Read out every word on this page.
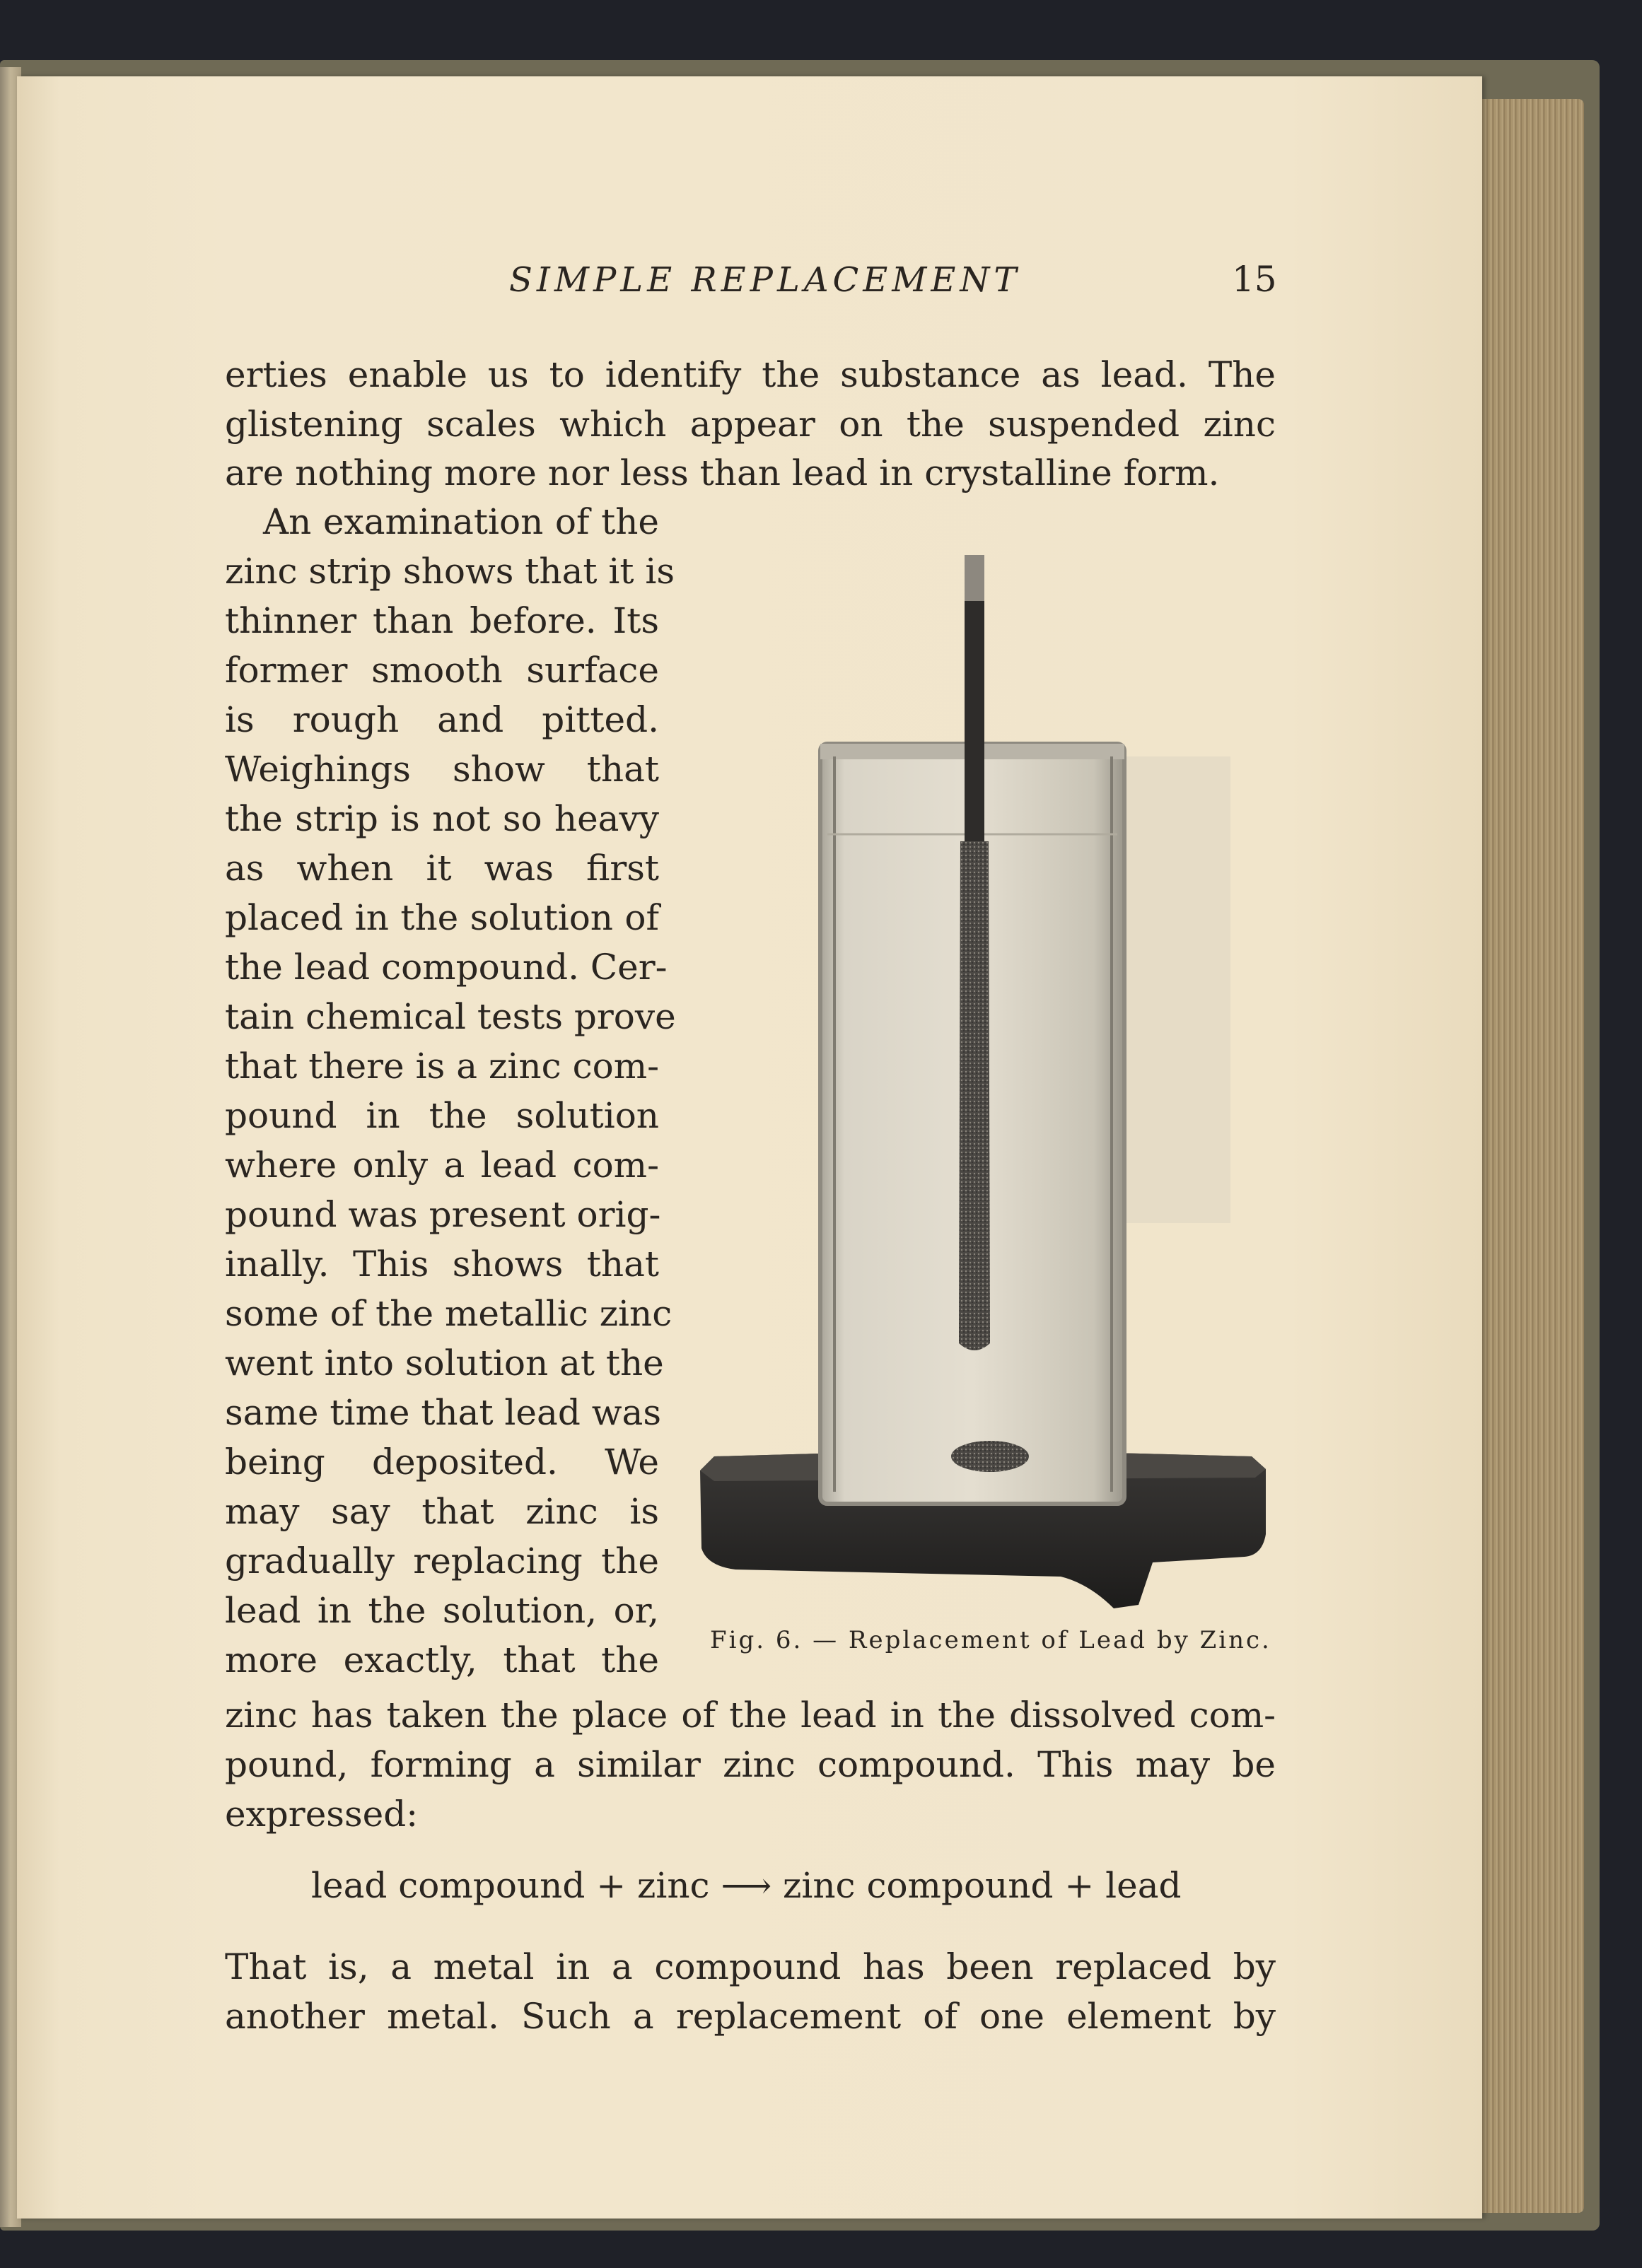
SIMPLE REPLACEMENT	15
erties enable us to identify the substance as lead. The
glistening scales which appear on the suspended zinc
are nothing more nor less than lead in crystalline form.
An examination of the
zinc strip shows that it is
thinner than before. Its
former smooth surface
is rough and pitted.
Weighings show that
the strip is not so heavy
as when it was first
placed in the solution of
the lead compound. Cer-
tain chemical tests prove
that there is a zinc com-
pound in the solution
where only a lead com-
pound was present orig-
inally. This shows that
some of the metallic zinc
went into solution at the
same time that lead was
being deposited. We
may say that zinc is
gradually replacing the
lead in the solution, or,
more exactly, that the
zinc has taken the place of the lead in the dissolved com-
pound, forming a similar zinc compound. This may be
expressed:
lead compound + zinc ⟶ zinc compound + lead
That is, a metal in a compound has been replaced by
another metal. Such a replacement of one element by
Fig. 6. — Replacement of Lead by Zinc.
